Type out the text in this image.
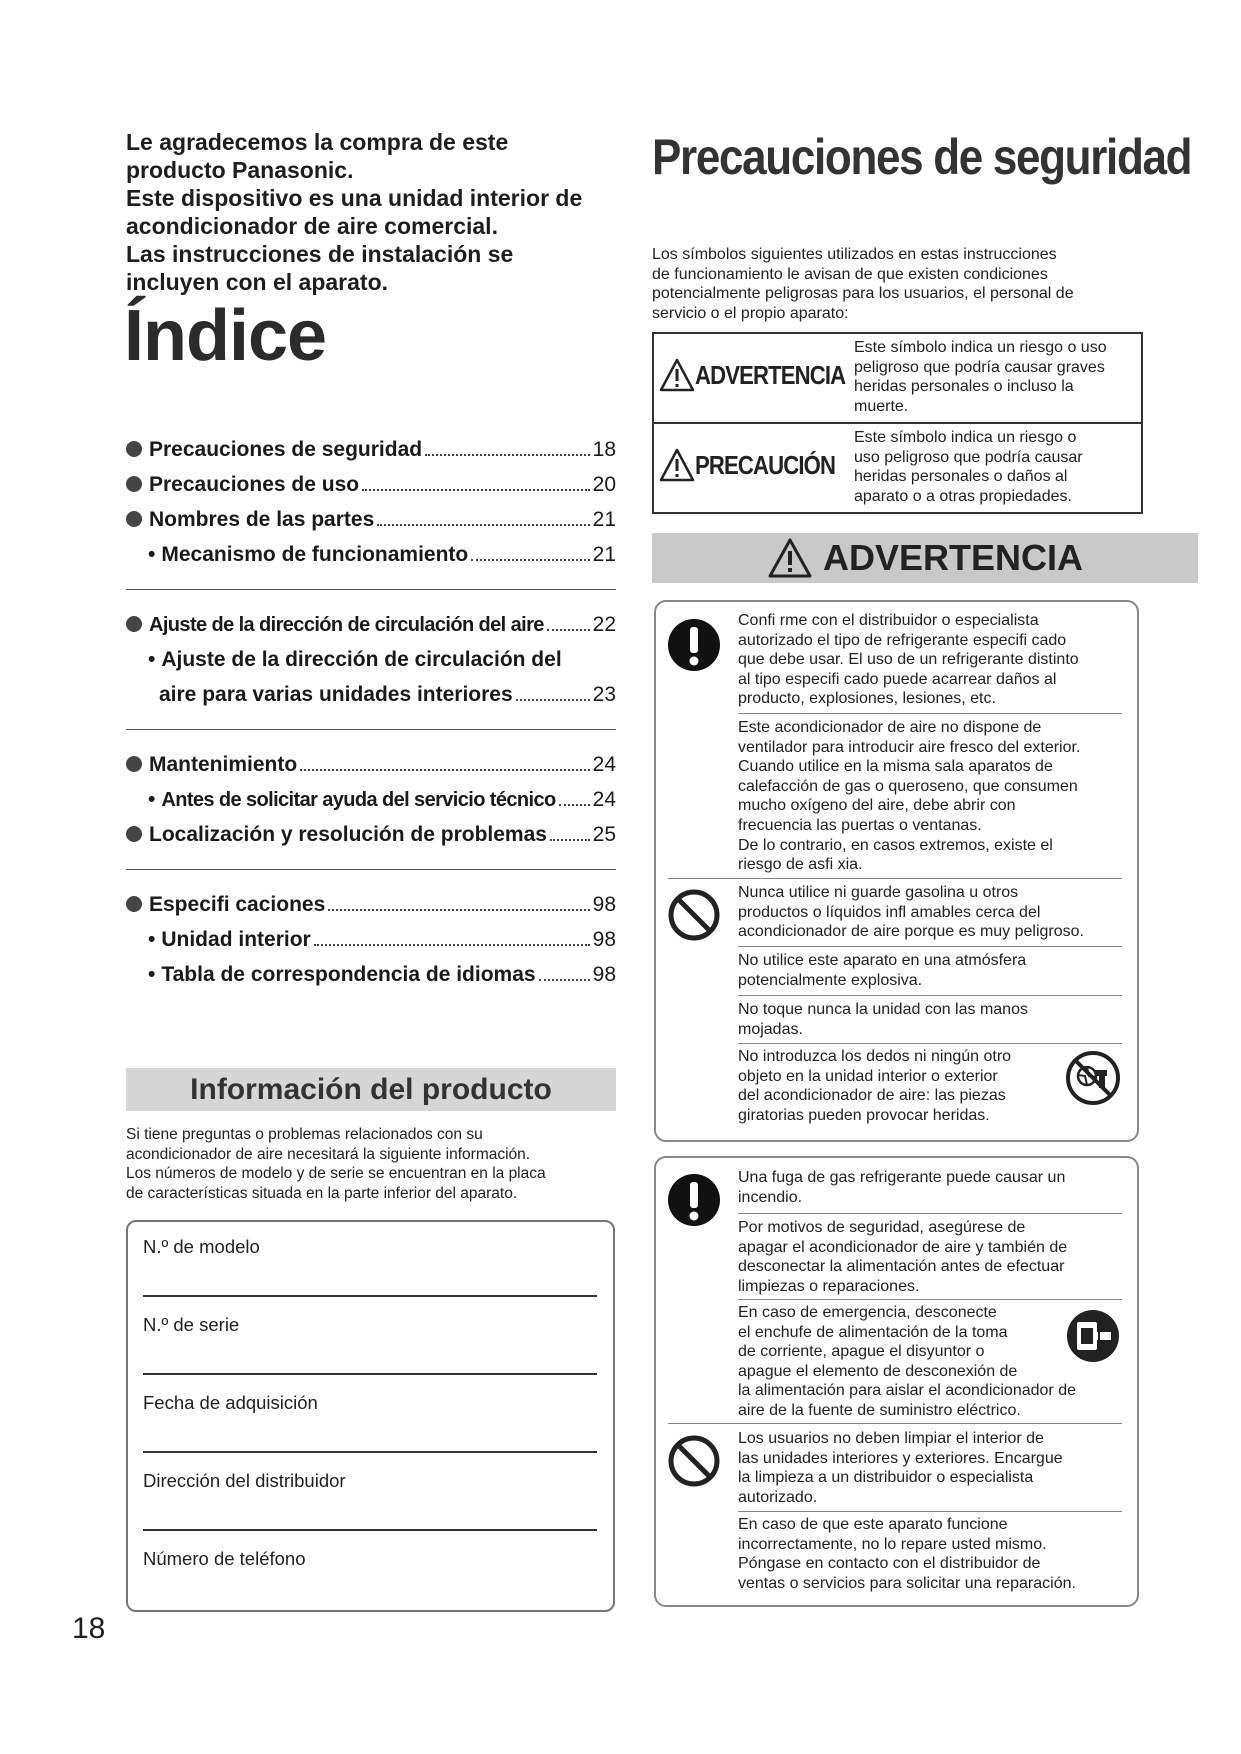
Le agradecemos la compra de este
producto Panasonic.
Este dispositivo es una unidad interior de
acondicionador de aire comercial.
Las instrucciones de instalación se
incluyen con el aparato.
Índice
Precauciones de seguridad	18
Precauciones de uso	20
Nombres de las partes	21
• Mecanismo de funcionamiento	21
Ajuste de la dirección de circulación del aire 22
• Ajuste de la dirección de circulación del
aire para varias unidades interiores	23
Mantenimiento	24
• Antes de solicitar ayuda del servicio técnico 24
Localización y resolución de problemas 25
Especifi caciones	98
• Unidad interior	98
• Tabla de correspondencia de idiomas	98
Información del producto
Si tiene preguntas o problemas relacionados con su
acondicionador de aire necesitará la siguiente información.
Los números de modelo y de serie se encuentran en la placa
de características situada en la parte inferior del aparato.
N.º de modelo
N.º de serie
Fecha de adquisición
Dirección del distribuidor
Número de teléfono
18
Precauciones de seguridad
Los símbolos siguientes utilizados en estas instrucciones
de funcionamiento le avisan de que existen condiciones
potencialmente peligrosas para los usuarios, el personal de
servicio o el propio aparato:
ADVERTENCIA
Este símbolo indica un riesgo o uso
peligroso que podría causar graves
heridas personales o incluso la
muerte.
PRECAUCIÓN
Este símbolo indica un riesgo o
uso peligroso que podría causar
heridas personales o daños al
aparato o a otras propiedades.
ADVERTENCIA
Confi rme con el distribuidor o especialista
autorizado el tipo de refrigerante especifi cado
que debe usar. El uso de un refrigerante distinto
al tipo especifi cado puede acarrear daños al
producto, explosiones, lesiones, etc.
Este acondicionador de aire no dispone de
ventilador para introducir aire fresco del exterior.
Cuando utilice en la misma sala aparatos de
calefacción de gas o queroseno, que consumen
mucho oxígeno del aire, debe abrir con
frecuencia las puertas o ventanas.
De lo contrario, en casos extremos, existe el
riesgo de asfi xia.
Nunca utilice ni guarde gasolina u otros
productos o líquidos infl amables cerca del
acondicionador de aire porque es muy peligroso.
No utilice este aparato en una atmósfera
potencialmente explosiva.
No toque nunca la unidad con las manos
mojadas.
No introduzca los dedos ni ningún otro
objeto en la unidad interior o exterior
del acondicionador de aire: las piezas
giratorias pueden provocar heridas.
Una fuga de gas refrigerante puede causar un
incendio.
Por motivos de seguridad, asegúrese de
apagar el acondicionador de aire y también de
desconectar la alimentación antes de efectuar
limpiezas o reparaciones.
En caso de emergencia, desconecte
el enchufe de alimentación de la toma
de corriente, apague el disyuntor o
apague el elemento de desconexión de
la alimentación para aislar el acondicionador de
aire de la fuente de suministro eléctrico.
Los usuarios no deben limpiar el interior de
las unidades interiores y exteriores. Encargue
la limpieza a un distribuidor o especialista
autorizado.
En caso de que este aparato funcione
incorrectamente, no lo repare usted mismo.
Póngase en contacto con el distribuidor de
ventas o servicios para solicitar una reparación.
